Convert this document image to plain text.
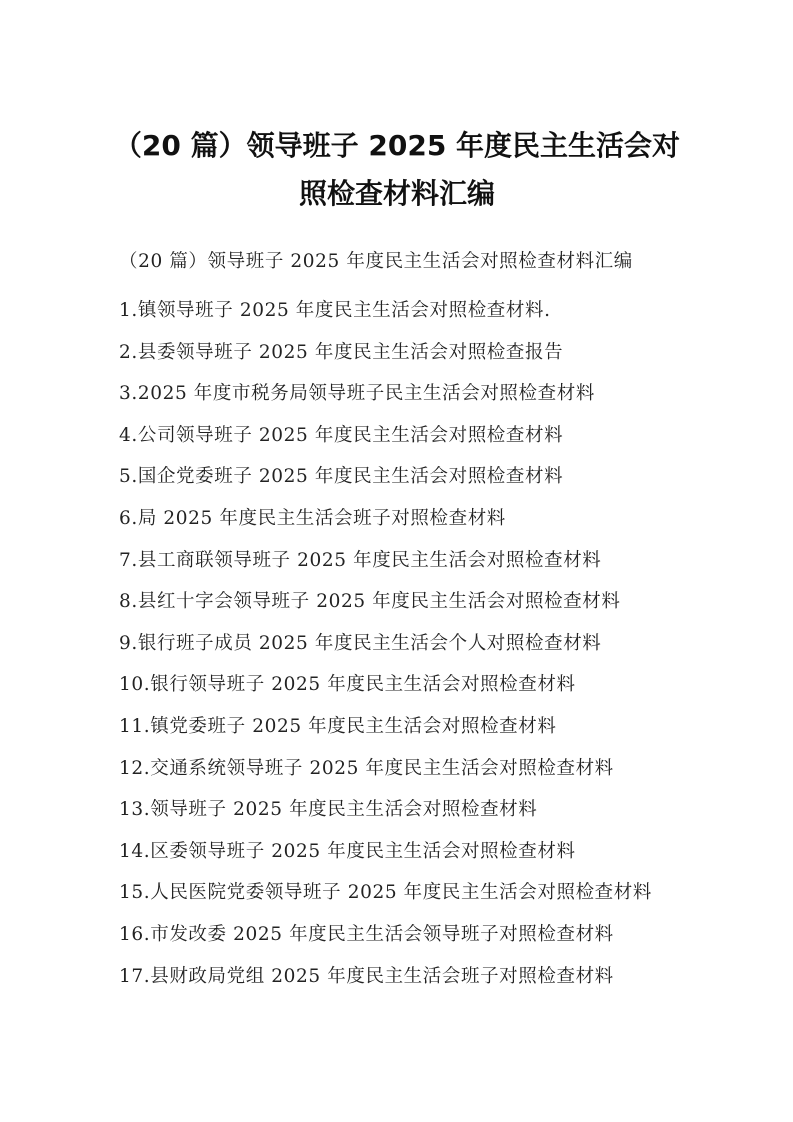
（20 篇）领导班子 2025 年度民主生活会对
照检查材料汇编

（20 篇）领导班子 2025 年度民主生活会对照检查材料汇编

1.镇领导班子 2025 年度民主生活会对照检查材料.
2.县委领导班子 2025 年度民主生活会对照检查报告
3.2025 年度市税务局领导班子民主生活会对照检查材料
4.公司领导班子 2025 年度民主生活会对照检查材料
5.国企党委班子 2025 年度民主生活会对照检查材料
6.局 2025 年度民主生活会班子对照检查材料
7.县工商联领导班子 2025 年度民主生活会对照检查材料
8.县红十字会领导班子 2025 年度民主生活会对照检查材料
9.银行班子成员 2025 年度民主生活会个人对照检查材料
10.银行领导班子 2025 年度民主生活会对照检查材料
11.镇党委班子 2025 年度民主生活会对照检查材料
12.交通系统领导班子 2025 年度民主生活会对照检查材料
13.领导班子 2025 年度民主生活会对照检查材料
14.区委领导班子 2025 年度民主生活会对照检查材料
15.人民医院党委领导班子 2025 年度民主生活会对照检查材料
16.市发改委 2025 年度民主生活会领导班子对照检查材料
17.县财政局党组 2025 年度民主生活会班子对照检查材料
